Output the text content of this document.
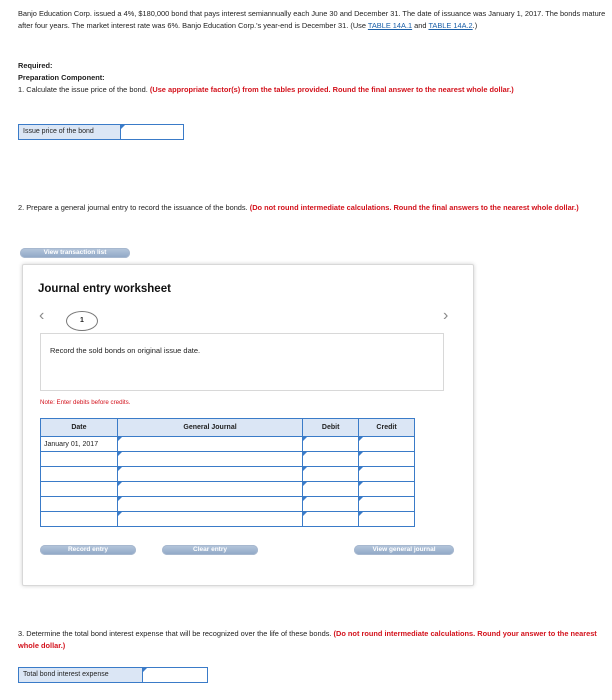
Banjo Education Corp. issued a 4%, $180,000 bond that pays interest semiannually each June 30 and December 31. The date of issuance was January 1, 2017. The bonds mature after four years. The market interest rate was 6%. Banjo Education Corp.'s year-end is December 31. (Use TABLE 14A.1 and TABLE 14A.2.)
Required:
Preparation Component:
1. Calculate the issue price of the bond. (Use appropriate factor(s) from the tables provided. Round the final answer to the nearest whole dollar.)
Issue price of the bond
2. Prepare a general journal entry to record the issuance of the bonds. (Do not round intermediate calculations. Round the final answers to the nearest whole dollar.)
View transaction list
Journal entry worksheet
‹	1	›
Record the sold bonds on original issue date.
Note: Enter debits before credits.
Date	General Journal	Debit	Credit
January 01, 2017			

Record entry	Clear entry	View general journal
3. Determine the total bond interest expense that will be recognized over the life of these bonds. (Do not round intermediate calculations. Round your answer to the nearest whole dollar.)
Total bond interest expense
